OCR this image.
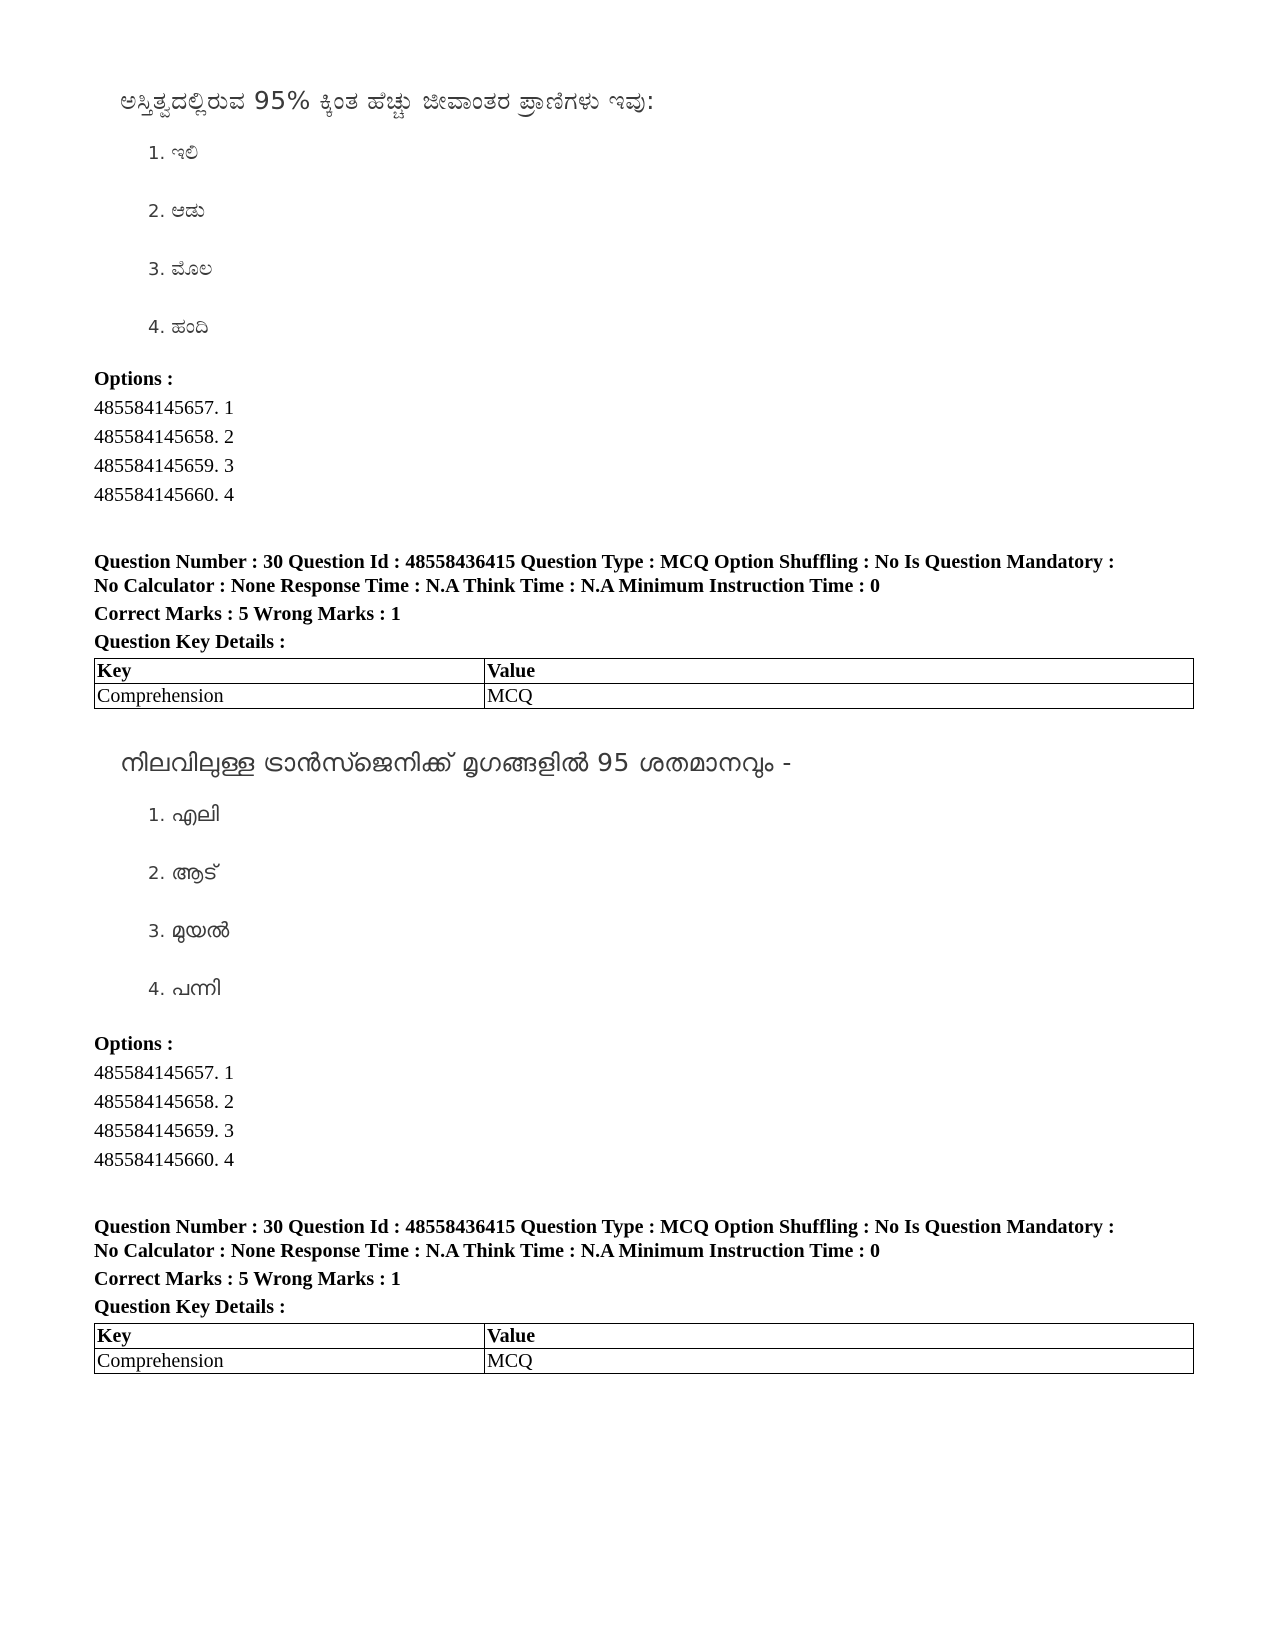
ಅಸ್ತಿತ್ವದಲ್ಲಿರುವ 95% ಕ್ಕಿಂತ ಹೆಚ್ಚು ಜೀವಾಂತರ ಪ್ರಾಣಿಗಳು ಇವು:
1. ಇಲಿ
2. ಆಡು
3. ಮೊಲ
4. ಹಂದಿ
Options :
485584145657. 1
485584145658. 2
485584145659. 3
485584145660. 4
Question Number : 30 Question Id : 48558436415 Question Type : MCQ Option Shuffling : No Is Question Mandatory :
No Calculator : None Response Time : N.A Think Time : N.A Minimum Instruction Time : 0
Correct Marks : 5 Wrong Marks : 1
Question Key Details :
Key	Value
Comprehension	MCQ
നിലവിലുള്ള ട്രാൻസ്ജെനിക്ക് മൃഗങ്ങളിൽ 95 ശതമാനവും -
1. എലി
2. ആട്
3. മുയൽ
4. പന്നി
Options :
485584145657. 1
485584145658. 2
485584145659. 3
485584145660. 4
Question Number : 30 Question Id : 48558436415 Question Type : MCQ Option Shuffling : No Is Question Mandatory :
No Calculator : None Response Time : N.A Think Time : N.A Minimum Instruction Time : 0
Correct Marks : 5 Wrong Marks : 1
Question Key Details :
Key	Value
Comprehension	MCQ
